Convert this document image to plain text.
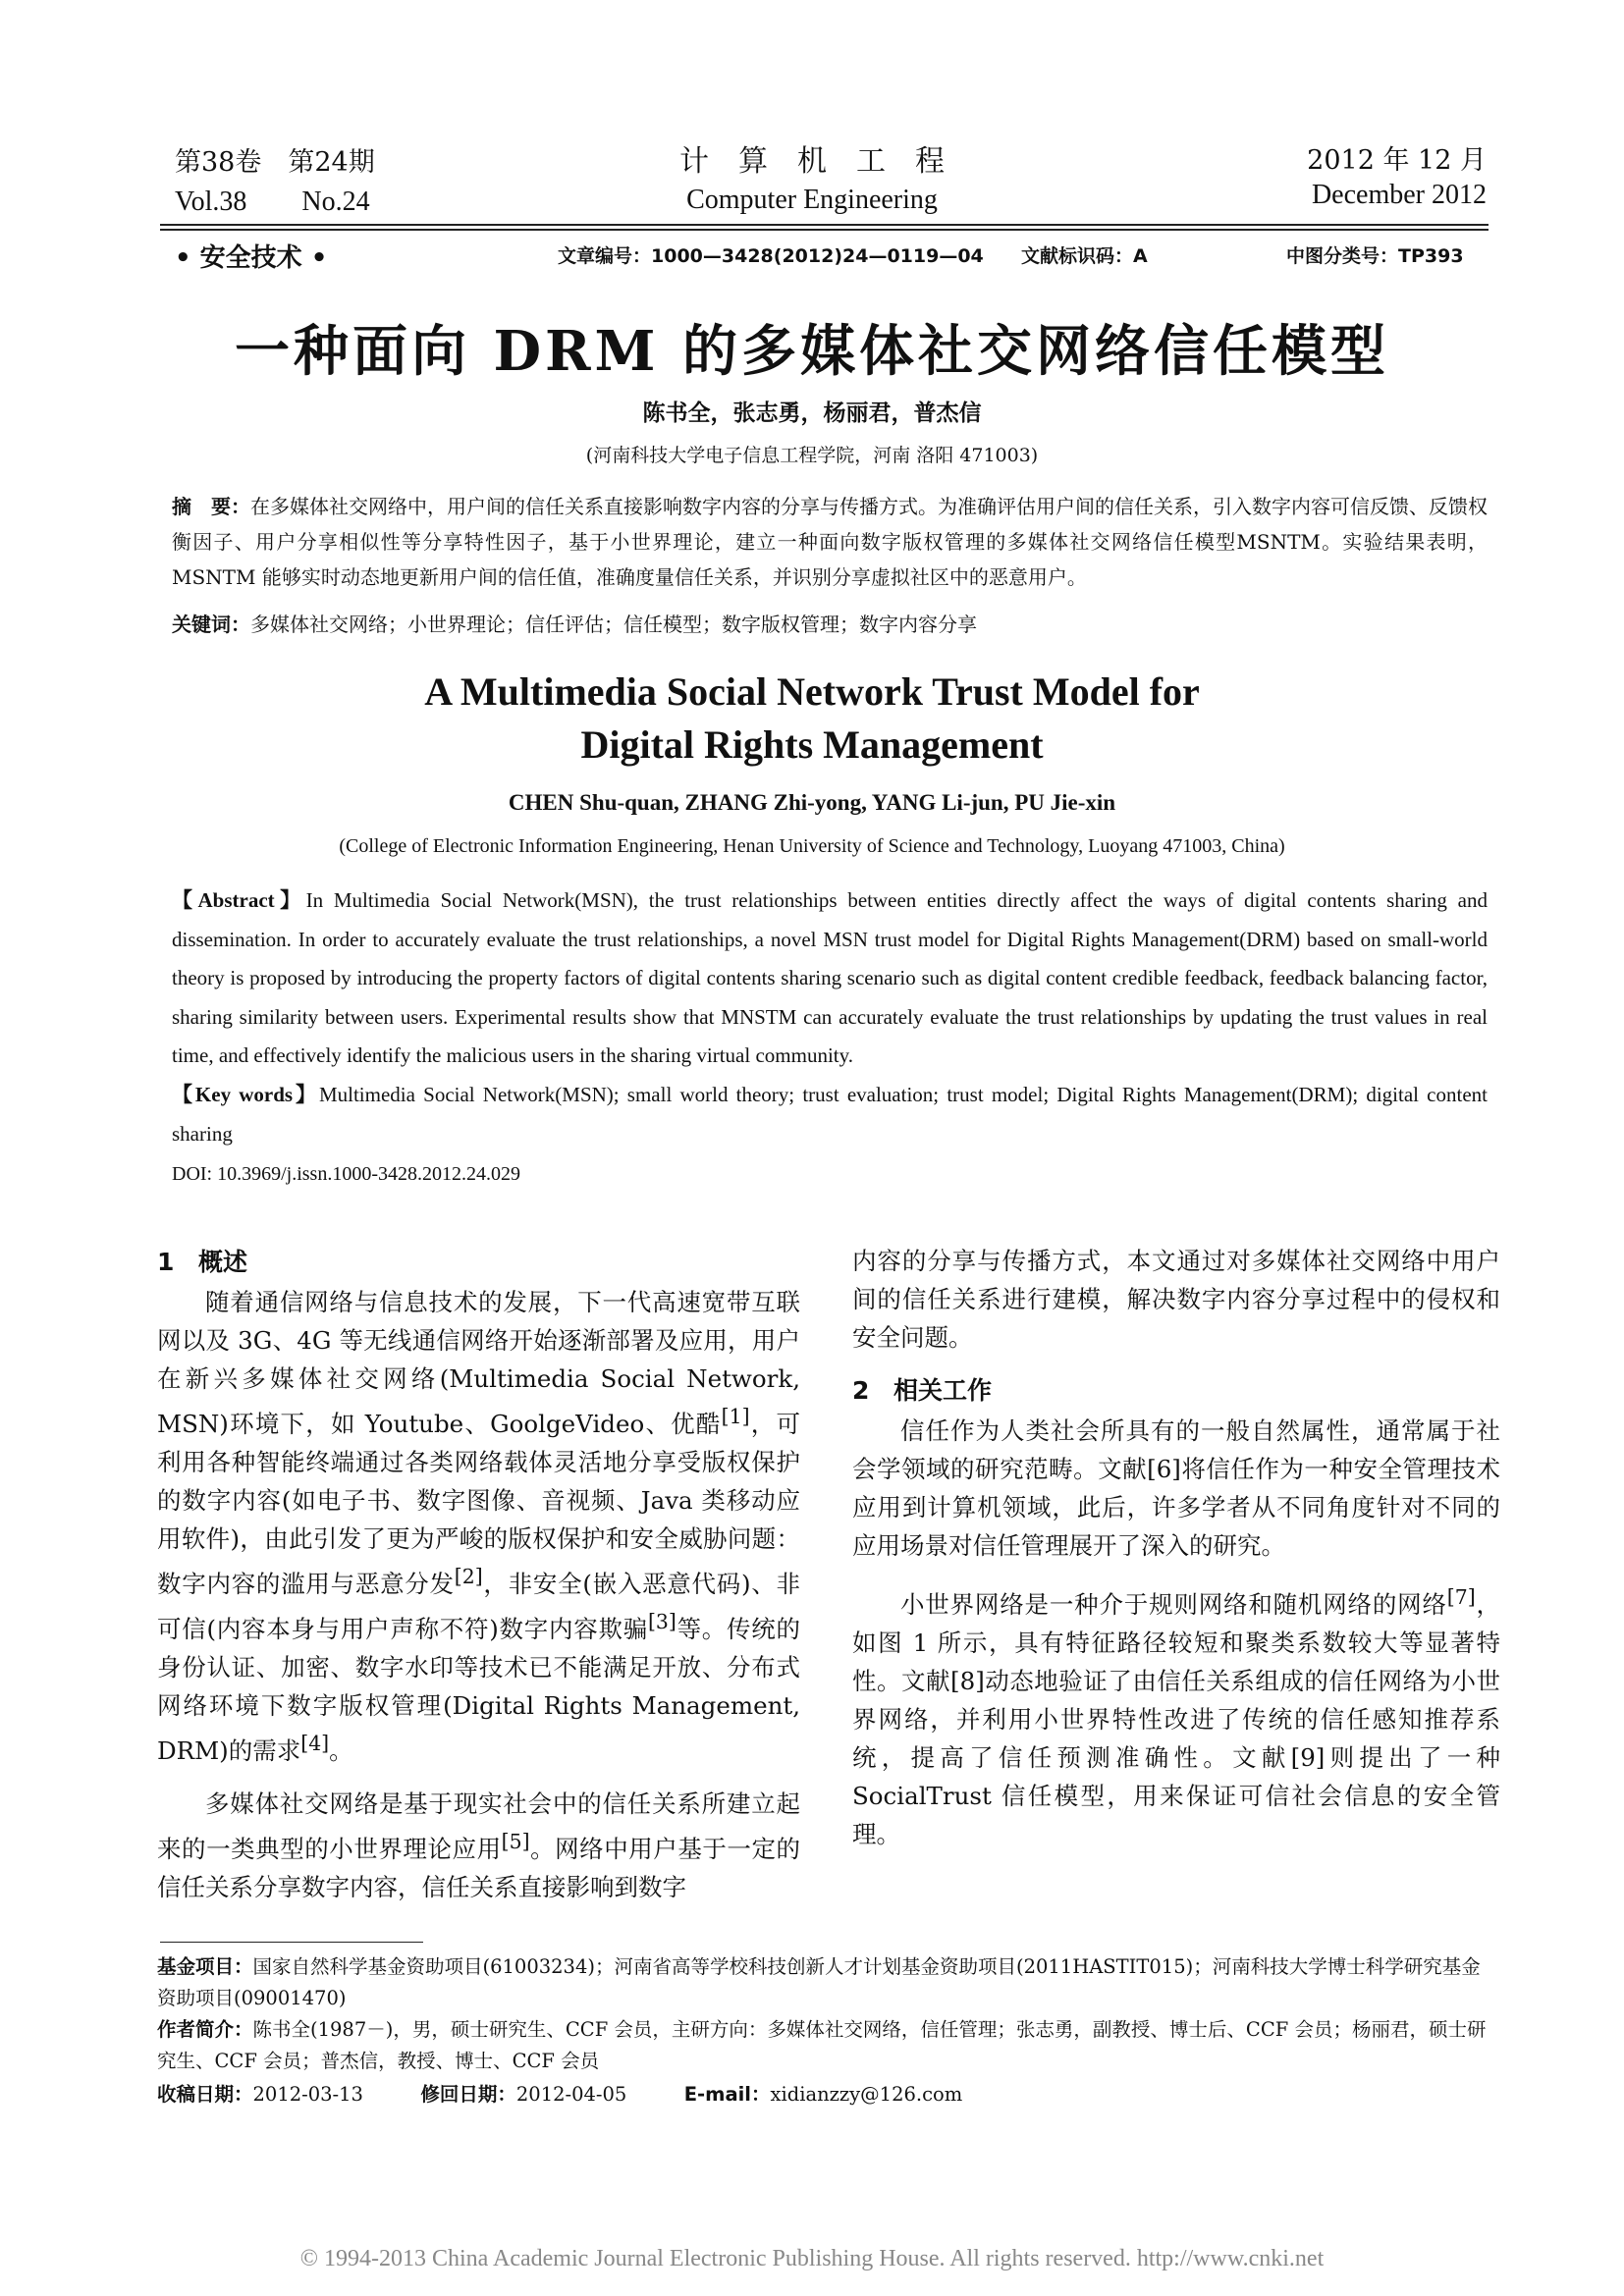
第38卷　第24期
Vol.38　　No.24
计　算　机　工　程
Computer Engineering
2012 年 12 月
December 2012
• 安全技术 •	文章编号：1000—3428(2012)24—0119—04 文献标识码：A	中图分类号：TP393
一种面向 DRM 的多媒体社交网络信任模型
陈书全，张志勇，杨丽君，普杰信
(河南科技大学电子信息工程学院，河南 洛阳 471003)
摘　要：在多媒体社交网络中，用户间的信任关系直接影响数字内容的分享与传播方式。为准确评估用户间的信任关系，引入数字内容可信反馈、反馈权衡因子、用户分享相似性等分享特性因子，基于小世界理论，建立一种面向数字版权管理的多媒体社交网络信任模型MSNTM。实验结果表明，MSNTM 能够实时动态地更新用户间的信任值，准确度量信任关系，并识别分享虚拟社区中的恶意用户。
关键词：多媒体社交网络；小世界理论；信任评估；信任模型；数字版权管理；数字内容分享
A Multimedia Social Network Trust Model for
Digital Rights Management
CHEN Shu-quan, ZHANG Zhi-yong, YANG Li-jun, PU Jie-xin
(College of Electronic Information Engineering, Henan University of Science and Technology, Luoyang 471003, China)
【Abstract】In Multimedia Social Network(MSN), the trust relationships between entities directly affect the ways of digital contents sharing and dissemination. In order to accurately evaluate the trust relationships, a novel MSN trust model for Digital Rights Management(DRM) based on small-world theory is proposed by introducing the property factors of digital contents sharing scenario such as digital content credible feedback, feedback balancing factor, sharing similarity between users. Experimental results show that MNSTM can accurately evaluate the trust relationships by updating the trust values in real time, and effectively identify the malicious users in the sharing virtual community.
【Key words】Multimedia Social Network(MSN); small world theory; trust evaluation; trust model; Digital Rights Management(DRM); digital content sharing
DOI: 10.3969/j.issn.1000-3428.2012.24.029
1 概述

随着通信网络与信息技术的发展，下一代高速宽带互联网以及 3G、4G 等无线通信网络开始逐渐部署及应用，用户在新兴多媒体社交网络(Multimedia Social Network, MSN)环境下，如 Youtube、GoolgeVideo、优酷[1]，可利用各种智能终端通过各类网络载体灵活地分享受版权保护的数字内容(如电子书、数字图像、音视频、Java 类移动应用软件)，由此引发了更为严峻的版权保护和安全威胁问题：数字内容的滥用与恶意分发[2]，非安全(嵌入恶意代码)、非可信(内容本身与用户声称不符)数字内容欺骗[3]等。传统的身份认证、加密、数字水印等技术已不能满足开放、分布式网络环境下数字版权管理(Digital Rights Management, DRM)的需求[4]。

多媒体社交网络是基于现实社会中的信任关系所建立起来的一类典型的小世界理论应用[5]。网络中用户基于一定的信任关系分享数字内容，信任关系直接影响到数字

内容的分享与传播方式，本文通过对多媒体社交网络中用户间的信任关系进行建模，解决数字内容分享过程中的侵权和安全问题。

2 相关工作

信任作为人类社会所具有的一般自然属性，通常属于社会学领域的研究范畴。文献[6]将信任作为一种安全管理技术应用到计算机领域，此后，许多学者从不同角度针对不同的应用场景对信任管理展开了深入的研究。

小世界网络是一种介于规则网络和随机网络的网络[7]，如图 1 所示，具有特征路径较短和聚类系数较大等显著特性。文献[8]动态地验证了由信任关系组成的信任网络为小世界网络，并利用小世界特性改进了传统的信任感知推荐系统，提高了信任预测准确性。文献[9]则提出了一种 SocialTrust 信任模型，用来保证可信社会信息的安全管理。

基金项目：国家自然科学基金资助项目(61003234)；河南省高等学校科技创新人才计划基金资助项目(2011HASTIT015)；河南科技大学博士科学研究基金资助项目(09001470)
作者简介：陈书全(1987－)，男，硕士研究生、CCF 会员，主研方向：多媒体社交网络，信任管理；张志勇，副教授、博士后、CCF 会员；杨丽君，硕士研究生、CCF 会员；普杰信，教授、博士、CCF 会员
收稿日期：2012-03-13	修回日期：2012-04-05	E-mail：xidianzzy@126.com
© 1994-2013 China Academic Journal Electronic Publishing House. All rights reserved. http://www.cnki.net
